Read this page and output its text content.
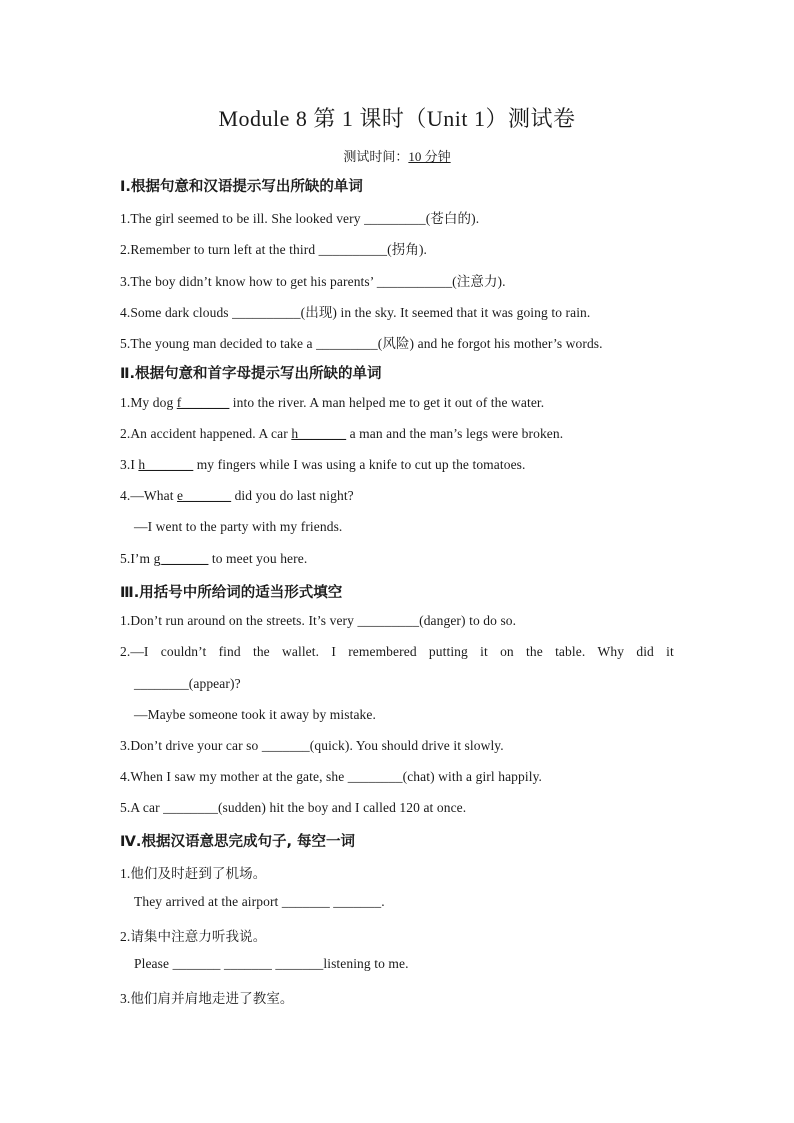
Module 8 第 1 课时（Unit 1）测试卷
测试时间：10 分钟
Ⅰ.根据句意和汉语提示写出所缺的单词
1.The girl seemed to be ill. She looked very _________(苍白的).
2.Remember to turn left at the third __________(拐角).
3.The boy didn’t know how to get his parents’ ___________(注意力).
4.Some dark clouds __________(出现) in the sky. It seemed that it was going to rain.
5.The young man decided to take a _________(风险) and he forgot his mother’s words.
Ⅱ.根据句意和首字母提示写出所缺的单词
1.My dog f_______ into the river. A man helped me to get it out of the water.
2.An accident happened. A car h_______ a man and the man’s legs were broken.
3.I h_______ my fingers while I was using a knife to cut up the tomatoes.
4.—What e_______ did you do last night?
—I went to the party with my friends.
5.I’m g_______ to meet you here.
Ⅲ.用括号中所给词的适当形式填空
1.Don’t run around on the streets. It’s very _________(danger) to do so.
2.—I couldn’t find the wallet. I remembered putting it on the table. Why did it
________(appear)?
—Maybe someone took it away by mistake.
3.Don’t drive your car so _______(quick). You should drive it slowly.
4.When I saw my mother at the gate, she ________(chat) with a girl happily.
5.A car ________(sudden) hit the boy and I called 120 at once.
Ⅳ.根据汉语意思完成句子, 每空一词
1.他们及时赶到了机场。
They arrived at the airport _______ _______.
2.请集中注意力听我说。
Please _______ _______ _______listening to me.
3.他们肩并肩地走进了教室。
